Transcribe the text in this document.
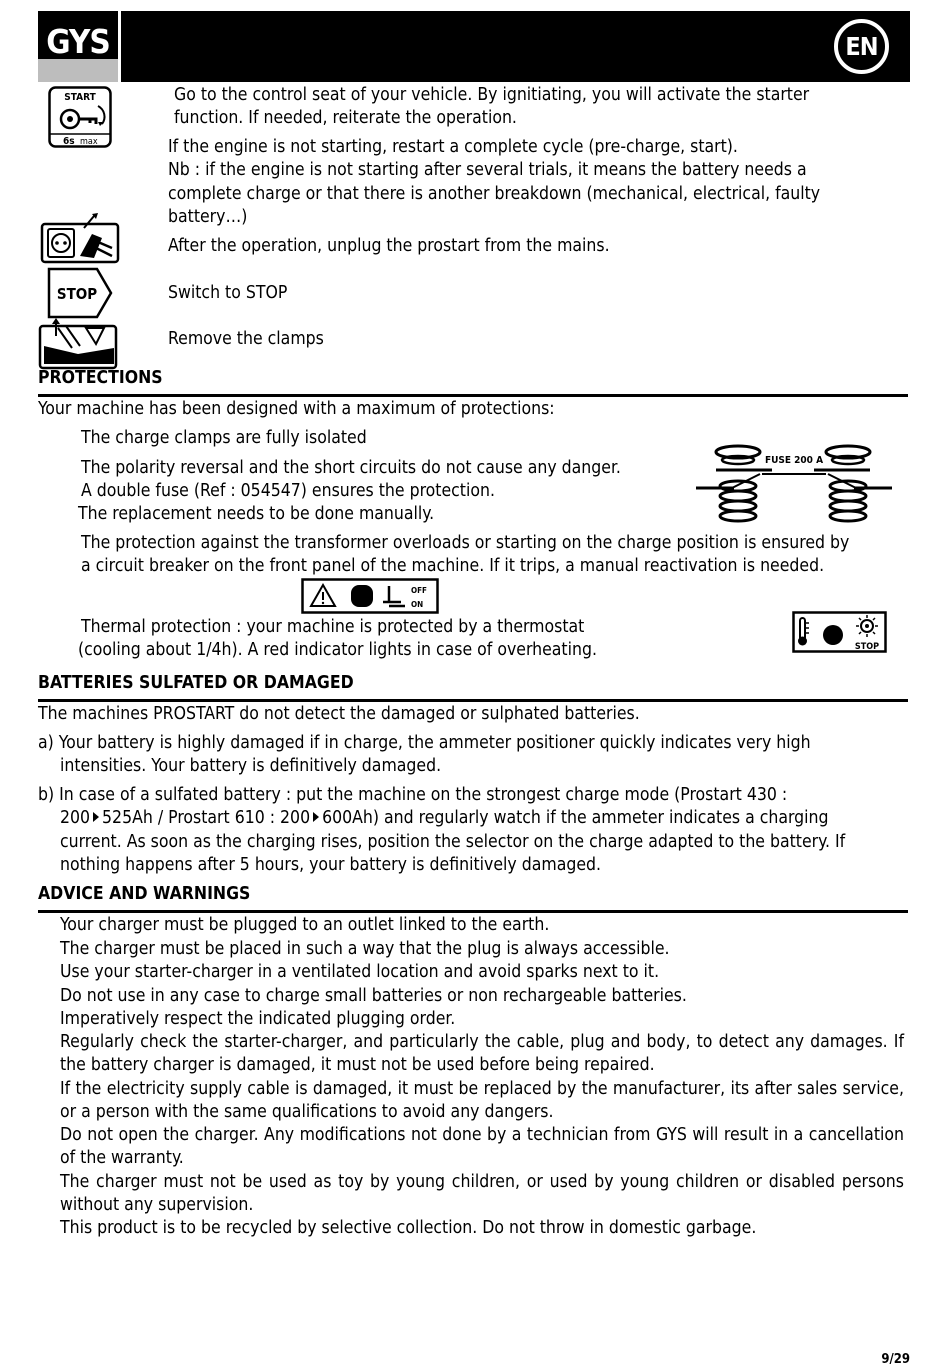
GYS	EN
START
6s max
Go to the control seat of your vehicle. By ignitiating, you will activate the starter
function. If needed, reiterate the operation.
If the engine is not starting, restart a complete cycle (pre-charge, start).
Nb : if the engine is not starting after several trials, it means the battery needs a
complete charge or that there is another breakdown (mechanical, electrical, faulty
battery…)
After the operation, unplug the prostart from the mains.
STOP	Switch to STOP
Remove the clamps
PROTECTIONS
Your machine has been designed with a maximum of protections:
The charge clamps are fully isolated
The polarity reversal and the short circuits do not cause any danger.
A double fuse (Ref : 054547) ensures the protection.
The replacement needs to be done manually.
FUSE 200 A
The protection against the transformer overloads or starting on the charge position is ensured by
a circuit breaker on the front panel of the machine. If it trips, a manual reactivation is needed.
OFF
ON
Thermal protection : your machine is protected by a thermostat
(cooling about 1/4h). A red indicator lights in case of overheating.	STOP
BATTERIES SULFATED OR DAMAGED
The machines PROSTART do not detect the damaged or sulphated batteries.
a) Your battery is highly damaged if in charge, the ammeter positioner quickly indicates very high
intensities. Your battery is definitively damaged.
b) In case of a sulfated battery : put the machine on the strongest charge mode (Prostart 430 :
200 525Ah / Prostart 610 : 200 600Ah) and regularly watch if the ammeter indicates a charging
current. As soon as the charging rises, position the selector on the charge adapted to the battery. If
nothing happens after 5 hours, your battery is definitively damaged.
ADVICE AND WARNINGS
Your charger must be plugged to an outlet linked to the earth.
The charger must be placed in such a way that the plug is always accessible.
Use your starter-charger in a ventilated location and avoid sparks next to it.
Do not use in any case to charge small batteries or non rechargeable batteries.
Imperatively respect the indicated plugging order.
Regularly check the starter-charger, and particularly the cable, plug and body, to detect any damages. If the battery charger is damaged, it must not be used before being repaired.
If the electricity supply cable is damaged, it must be replaced by the manufacturer, its after sales service, or a person with the same qualifications to avoid any dangers.
Do not open the charger. Any modifications not done by a technician from GYS will result in a cancellation of the warranty.
The charger must not be used as toy by young children, or used by young children or disabled persons without any supervision.
This product is to be recycled by selective collection. Do not throw in domestic garbage.
9/29
